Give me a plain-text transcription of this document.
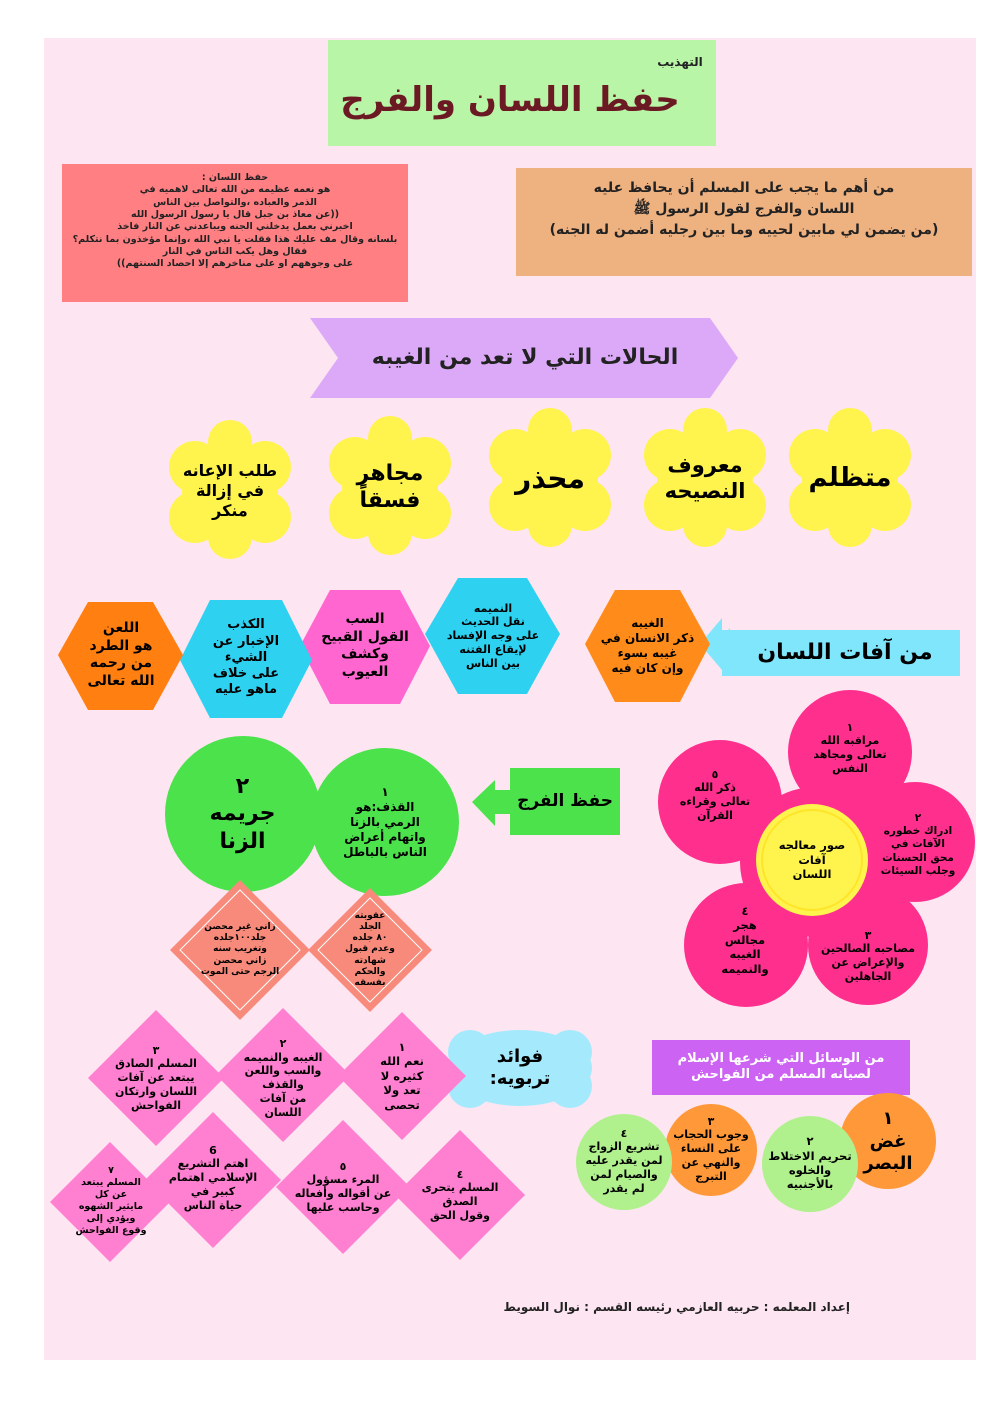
التهذيب
حفظ اللسان والفرج
حفظ اللسان :
هو نعمه عظيمه من الله تعالى لاهميه في
الذمر والعباده ،والتواصل بين الناس
((عن معاذ بن جبل قال يا رسول الرسول الله
اخبرني بعمل يدخلني الجنه ويباعدني عن النار فاخذ
بلسانه وقال مف عليك هذا فقلت يا نبي الله ،وإنما مؤخذون بما نتكلم؟
فقال وهل يكب الناس في النار
على وجوههم او على مناخرهم إلا احصاد السنتهم))
من أهم ما يجب على المسلم أن يحافظ عليه
اللسان والفرج لقول الرسول ﷺ
(من يضمن لي مابين لحييه وما بين رجليه أضمن له الجنه)
الحالات التي لا تعد من الغيبه
متظلم
معروف
النصيحه
محذر
مجاهر
فسقاً
طلب الإعانه
في إزالة
منكر
من آفات اللسان
الغيبه
ذكر الانسان في
غيبه بسوء
وإن كان فيه
النميمه
نقل الحديث
على وجه الإفساد
لإيقاع الفتنه
بين الناس
السب
القول القبيح
وكشف
العيوب
الكذب
الإخبار عن
الشيء
على خلاف
ماهو عليه
اللعن
هو الطرد
من رحمه
الله تعالى
١
مراقبه الله
تعالى ومجاهد
النفس
٢
ادراك خطوره
الآفات في
محق الحسنات
وجلب السيئات
٣
مصاحبه الصالحين
والإعراض عن
الجاهلين
٤
هجر
مجالس
الغيبه
والنميمه
٥
ذكر الله
تعالى وقراءه
القرآن
صور معالجه
آفات
اللسان
حفظ الفرج
١
القذف:هو
الرمي بالزنا
واتهام أعراض
الناس بالباطل
٢
جريمه
الزنا
عقوبته
الجلد
٨٠ جلده
وعدم قبول
شهادته
والحكم
بفسقه
زاني غير محصن
جلد١٠٠جلده
وتغريب سنه
زاني محصن
الرجم حتى الموت
من الوسائل التي شرعها الإسلام
لصيانه المسلم من الفواحش
١
غض
البصر
٢
تحريم الاختلاط
والخلوه
بالأجنبيه
٣
وجوب الحجاب
على النساء
والنهي عن
التبرج
٤
تشريع الزواج
لمن يقدر عليه
والصيام لمن
لم يقدر
فوائد تربويه:
١
نعم الله
كثيره لا
تعد ولا
تحصى
٢
الغيبه والنميمه
والسب واللعن
والقذف
من آفات
اللسان
٣
المسلم الصادق
يبتعد عن آفات
اللسان وارتكان
الفواحش
٤
المسلم يتحرى
الصدق
وقول الحق
٥
المرء مسؤول
عن أقواله وأفعاله
وحاسب عليها
6
اهتم التشريع
الإسلامي اهتمام
كبير في
حياة الناس
٧
المسلم يبتعد
عن كل
مايثير الشهوه
ويؤدي إلى
وقوع الفواحش
إعداد المعلمه : حربيه العازمي رئيسه القسم : نوال السويط
